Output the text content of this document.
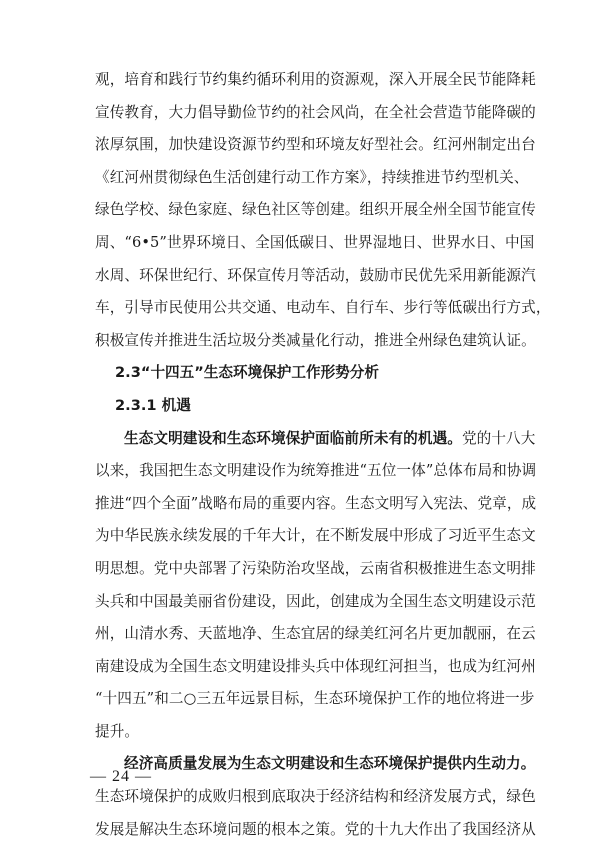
观，培育和践行节约集约循环利用的资源观，深入开展全民节能降耗
宣传教育，大力倡导勤俭节约的社会风尚，在全社会营造节能降碳的
浓厚氛围，加快建设资源节约型和环境友好型社会。红河州制定出台
《红河州贯彻绿色生活创建行动工作方案》，持续推进节约型机关、
绿色学校、绿色家庭、绿色社区等创建。组织开展全州全国节能宣传
周、“6•5”世界环境日、全国低碳日、世界湿地日、世界水日、中国
水周、环保世纪行、环保宣传月等活动，鼓励市民优先采用新能源汽
车，引导市民使用公共交通、电动车、自行车、步行等低碳出行方式，
积极宣传并推进生活垃圾分类减量化行动，推进全州绿色建筑认证。
2.3“十四五”生态环境保护工作形势分析
2.3.1 机遇
生态文明建设和生态环境保护面临前所未有的机遇。党的十八大
以来，我国把生态文明建设作为统筹推进“五位一体”总体布局和协调
推进“四个全面”战略布局的重要内容。生态文明写入宪法、党章，成
为中华民族永续发展的千年大计，在不断发展中形成了习近平生态文
明思想。党中央部署了污染防治攻坚战，云南省积极推进生态文明排
头兵和中国最美丽省份建设，因此，创建成为全国生态文明建设示范
州，山清水秀、天蓝地净、生态宜居的绿美红河名片更加靓丽，在云
南建设成为全国生态文明建设排头兵中体现红河担当，也成为红河州
“十四五”和二○三五年远景目标，生态环境保护工作的地位将进一步
提升。
经济高质量发展为生态文明建设和生态环境保护提供内生动力。
生态环境保护的成败归根到底取决于经济结构和经济发展方式，绿色
发展是解决生态环境问题的根本之策。党的十九大作出了我国经济从
— 24 —
